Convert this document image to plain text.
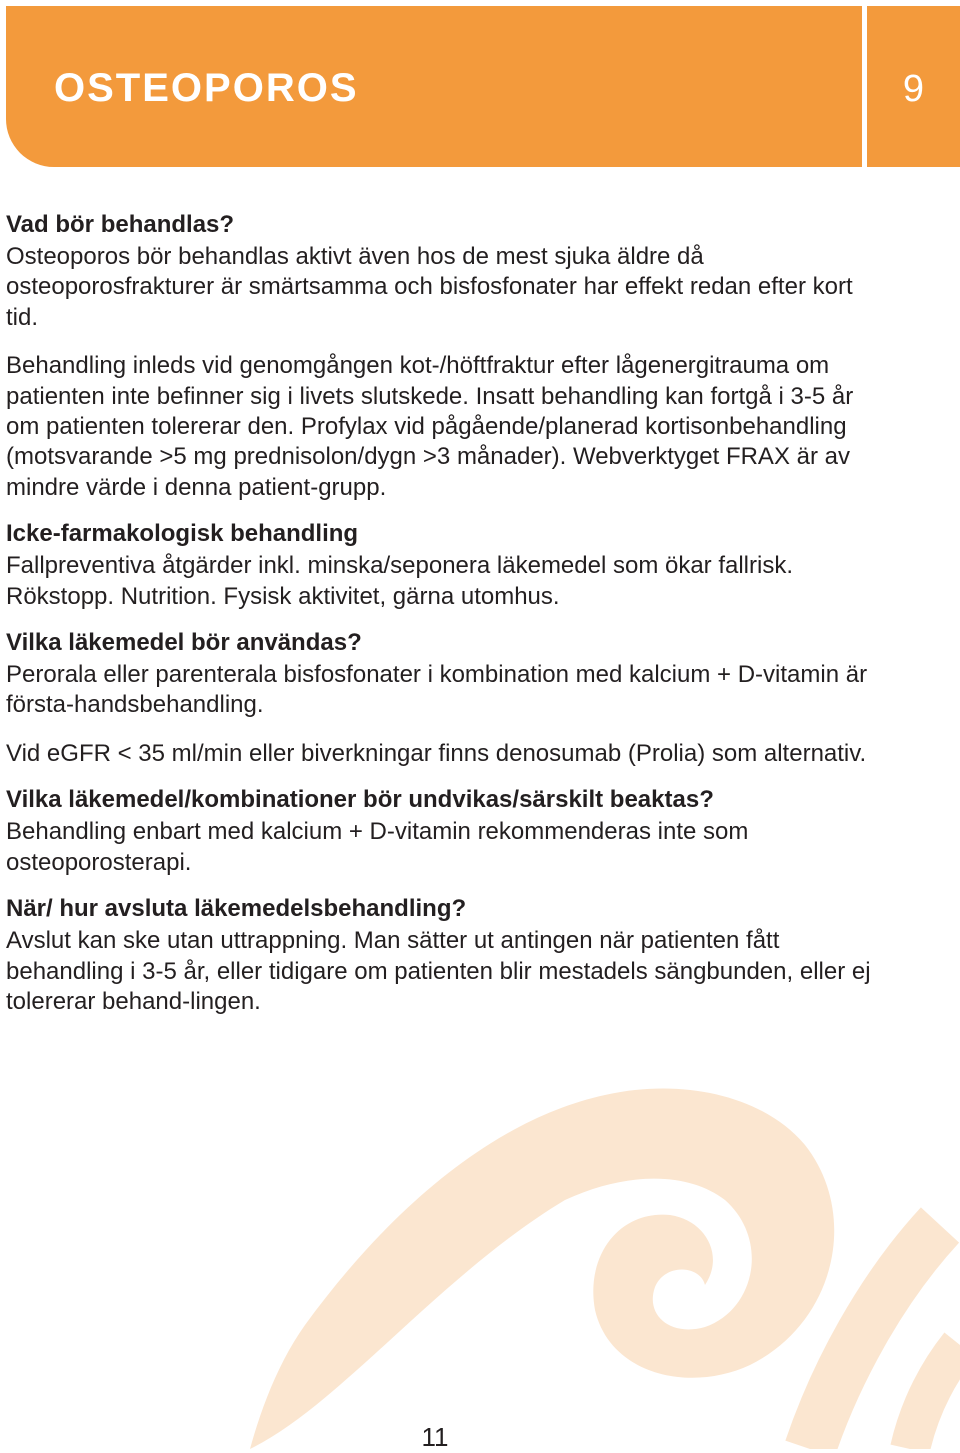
OSTEOPOROS	9
Vad bör behandlas?

Osteoporos bör behandlas aktivt även hos de mest sjuka äldre då osteoporosfrakturer är smärtsamma och bisfosfonater har effekt redan efter kort tid.

Behandling inleds vid genomgången kot-/höftfraktur efter lågenergitrauma om patienten inte befinner sig i livets slutskede. Insatt behandling kan fortgå i 3-5 år om patienten tolererar den. Profylax vid pågående/planerad kortisonbehandling (motsvarande >5 mg prednisolon/dygn >3 månader). Webverktyget FRAX är av mindre värde i denna patient-grupp.

Icke-farmakologisk behandling

Fallpreventiva åtgärder inkl. minska/seponera läkemedel som ökar fallrisk. Rökstopp. Nutrition. Fysisk aktivitet, gärna utomhus.

Vilka läkemedel bör användas?

Perorala eller parenterala bisfosfonater i kombination med kalcium + D-vitamin är första-handsbehandling.

Vid eGFR < 35 ml/min eller biverkningar finns denosumab (Prolia) som alternativ.

Vilka läkemedel/kombinationer bör undvikas/särskilt beaktas?

Behandling enbart med kalcium + D-vitamin rekommenderas inte som osteoporosterapi.

När/ hur avsluta läkemedelsbehandling?

Avslut kan ske utan uttrappning. Man sätter ut antingen när patienten fått behandling i 3-5 år, eller tidigare om patienten blir mestadels sängbunden, eller ej tolererar behand-lingen.

11
